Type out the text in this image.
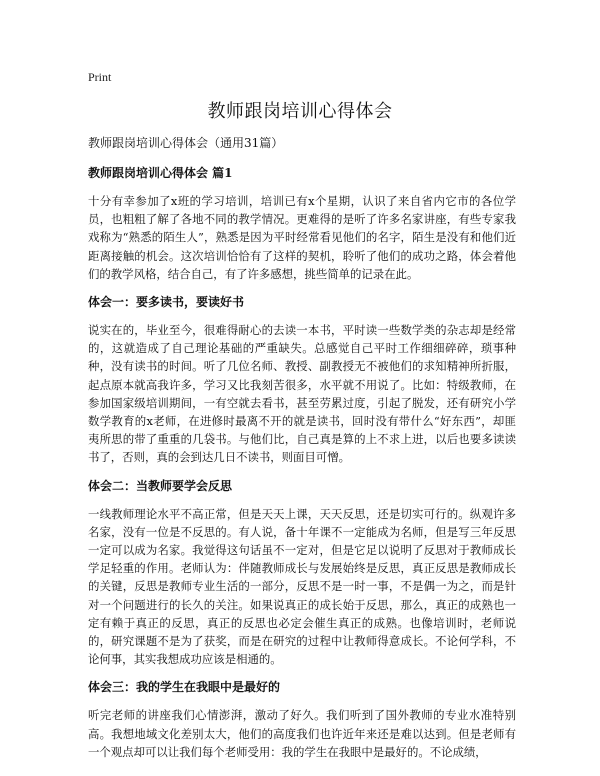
Print
教师跟岗培训心得体会

教师跟岗培训心得体会（通用31篇）

教师跟岗培训心得体会 篇1

十分有幸参加了x班的学习培训，培训已有x个星期，认识了来自省内它市的各位学员，也粗粗了解了各地不同的教学情况。更难得的是听了许多名家讲座，有些专家我戏称为“熟悉的陌生人”，熟悉是因为平时经常看见他们的名字，陌生是没有和他们近距离接触的机会。这次培训恰恰有了这样的契机，聆听了他们的成功之路，体会着他们的教学风格，结合自己，有了许多感想，挑些简单的记录在此。

体会一：要多读书，要读好书

说实在的，毕业至今，很难得耐心的去读一本书，平时读一些数学类的杂志却是经常的，这就造成了自己理论基础的严重缺失。总感觉自己平时工作细细碎碎，琐事种种，没有读书的时间。听了几位名师、教授、副教授无不被他们的求知精神所折服，起点原本就高我许多，学习又比我刻苦很多，水平就不用说了。比如：特级教师，在参加国家级培训期间，一有空就去看书，甚至劳累过度，引起了脱发，还有研究小学数学教育的x老师，在进修时最离不开的就是读书，回时没有带什么“好东西”，却匪夷所思的带了重重的几袋书。与他们比，自己真是算的上不求上进，以后也要多读读书了，否则，真的会到达几日不读书，则面目可憎。

体会二：当教师要学会反思

一线教师理论水平不高正常，但是天天上课，天天反思，还是切实可行的。纵观许多名家，没有一位是不反思的。有人说，备十年课不一定能成为名师，但是写三年反思一定可以成为名家。我觉得这句话虽不一定对，但是它足以说明了反思对于教师成长学足轻重的作用。老师认为：伴随教师成长与发展始终是反思，真正反思是教师成长的关键，反思是教师专业生活的一部分，反思不是一时一事，不是偶一为之，而是针对一个问题进行的长久的关注。如果说真正的成长始于反思，那么，真正的成熟也一定有赖于真正的反思，真正的反思也必定会催生真正的成熟。也像培训时，老师说的，研究课题不是为了获奖，而是在研究的过程中让教师得意成长。不论何学科，不论何事，其实我想成功应该是相通的。

体会三：我的学生在我眼中是最好的

听完老师的讲座我们心情澎湃，激动了好久。我们听到了国外教师的专业水准特别高。我想地域文化差别太大，他们的高度我们也许近年来还是难以达到。但是老师有一个观点却可以让我们每个老师受用：我的学生在我眼中是最好的。不论成绩，
